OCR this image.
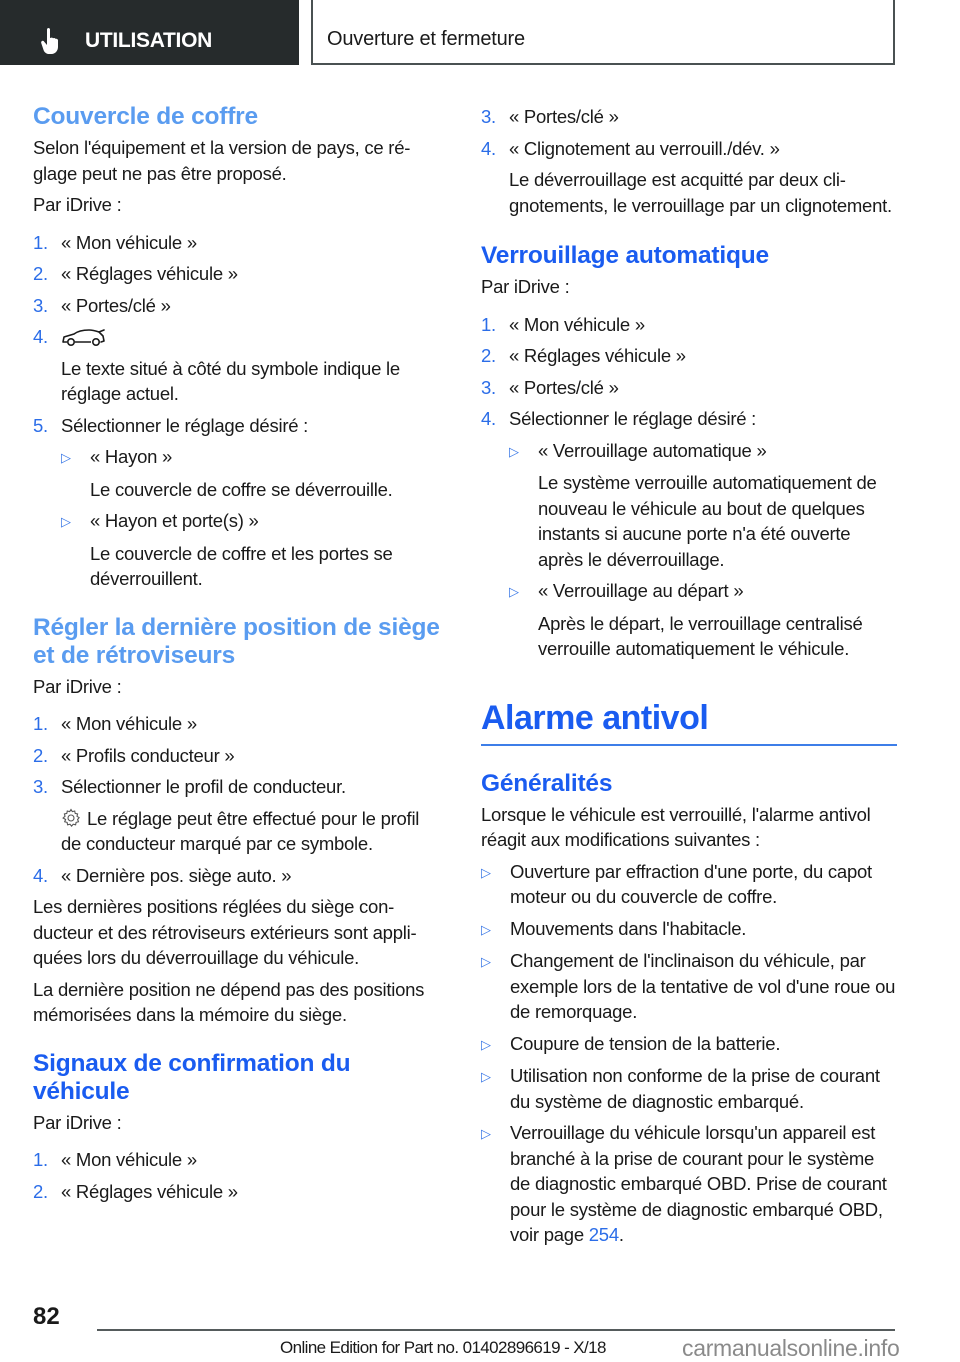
UTILISATION	Ouverture et fermeture
Couvercle de coffre

Selon l'équipement et la version de pays, ce réglage peut ne pas être proposé.

Par iDrive :

1. « Mon véhicule »
2. « Réglages véhicule »
3. « Portes/clé »
4.

Le texte situé à côté du symbole indique le réglage actuel.

5. Sélectionner le réglage désiré :
▷	« Hayon »

Le couvercle de coffre se déverrouille.

▷	« Hayon et porte(s) »

Le couvercle de coffre et les portes se déverrouillent.

Régler la dernière position de siège et de rétroviseurs

Par iDrive :

1. « Mon véhicule »
2. « Profils conducteur »
3. Sélectionner le profil de conducteur.

Le réglage peut être effectué pour le profil de conducteur marqué par ce symbole.

4. « Dernière pos. siège auto. »

Les dernières positions réglées du siège conducteur et des rétroviseurs extérieurs sont appliquées lors du déverrouillage du véhicule.

La dernière position ne dépend pas des positions mémorisées dans la mémoire du siège.

Signaux de confirmation du véhicule

Par iDrive :

1. « Mon véhicule »
2. « Réglages véhicule »
3. « Portes/clé »
4. « Clignotement au verrouill./dév. »

Le déverrouillage est acquitté par deux clignotements, le verrouillage par un clignotement.

Verrouillage automatique

Par iDrive :

1. « Mon véhicule »
2. « Réglages véhicule »
3. « Portes/clé »
4. Sélectionner le réglage désiré :
▷	« Verrouillage automatique »

Le système verrouille automatiquement de nouveau le véhicule au bout de quelques instants si aucune porte n'a été ouverte après le déverrouillage.

▷	« Verrouillage au départ »

Après le départ, le verrouillage centralisé verrouille automatiquement le véhicule.

Alarme antivol
Généralités

Lorsque le véhicule est verrouillé, l'alarme antivol réagit aux modifications suivantes :

▷	Ouverture par effraction d'une porte, du capot moteur ou du couvercle de coffre.
▷	Mouvements dans l'habitacle.
▷	Changement de l'inclinaison du véhicule, par exemple lors de la tentative de vol d'une roue ou de remorquage.
▷	Coupure de tension de la batterie.
▷	Utilisation non conforme de la prise de courant du système de diagnostic embarqué.
▷	Verrouillage du véhicule lorsqu'un appareil est branché à la prise de courant pour le système de diagnostic embarqué OBD. Prise de courant pour le système de diagnostic embarqué OBD, voir page 254.
82
Online Edition for Part no. 01402896619 - X/18	carmanualsonline.info
